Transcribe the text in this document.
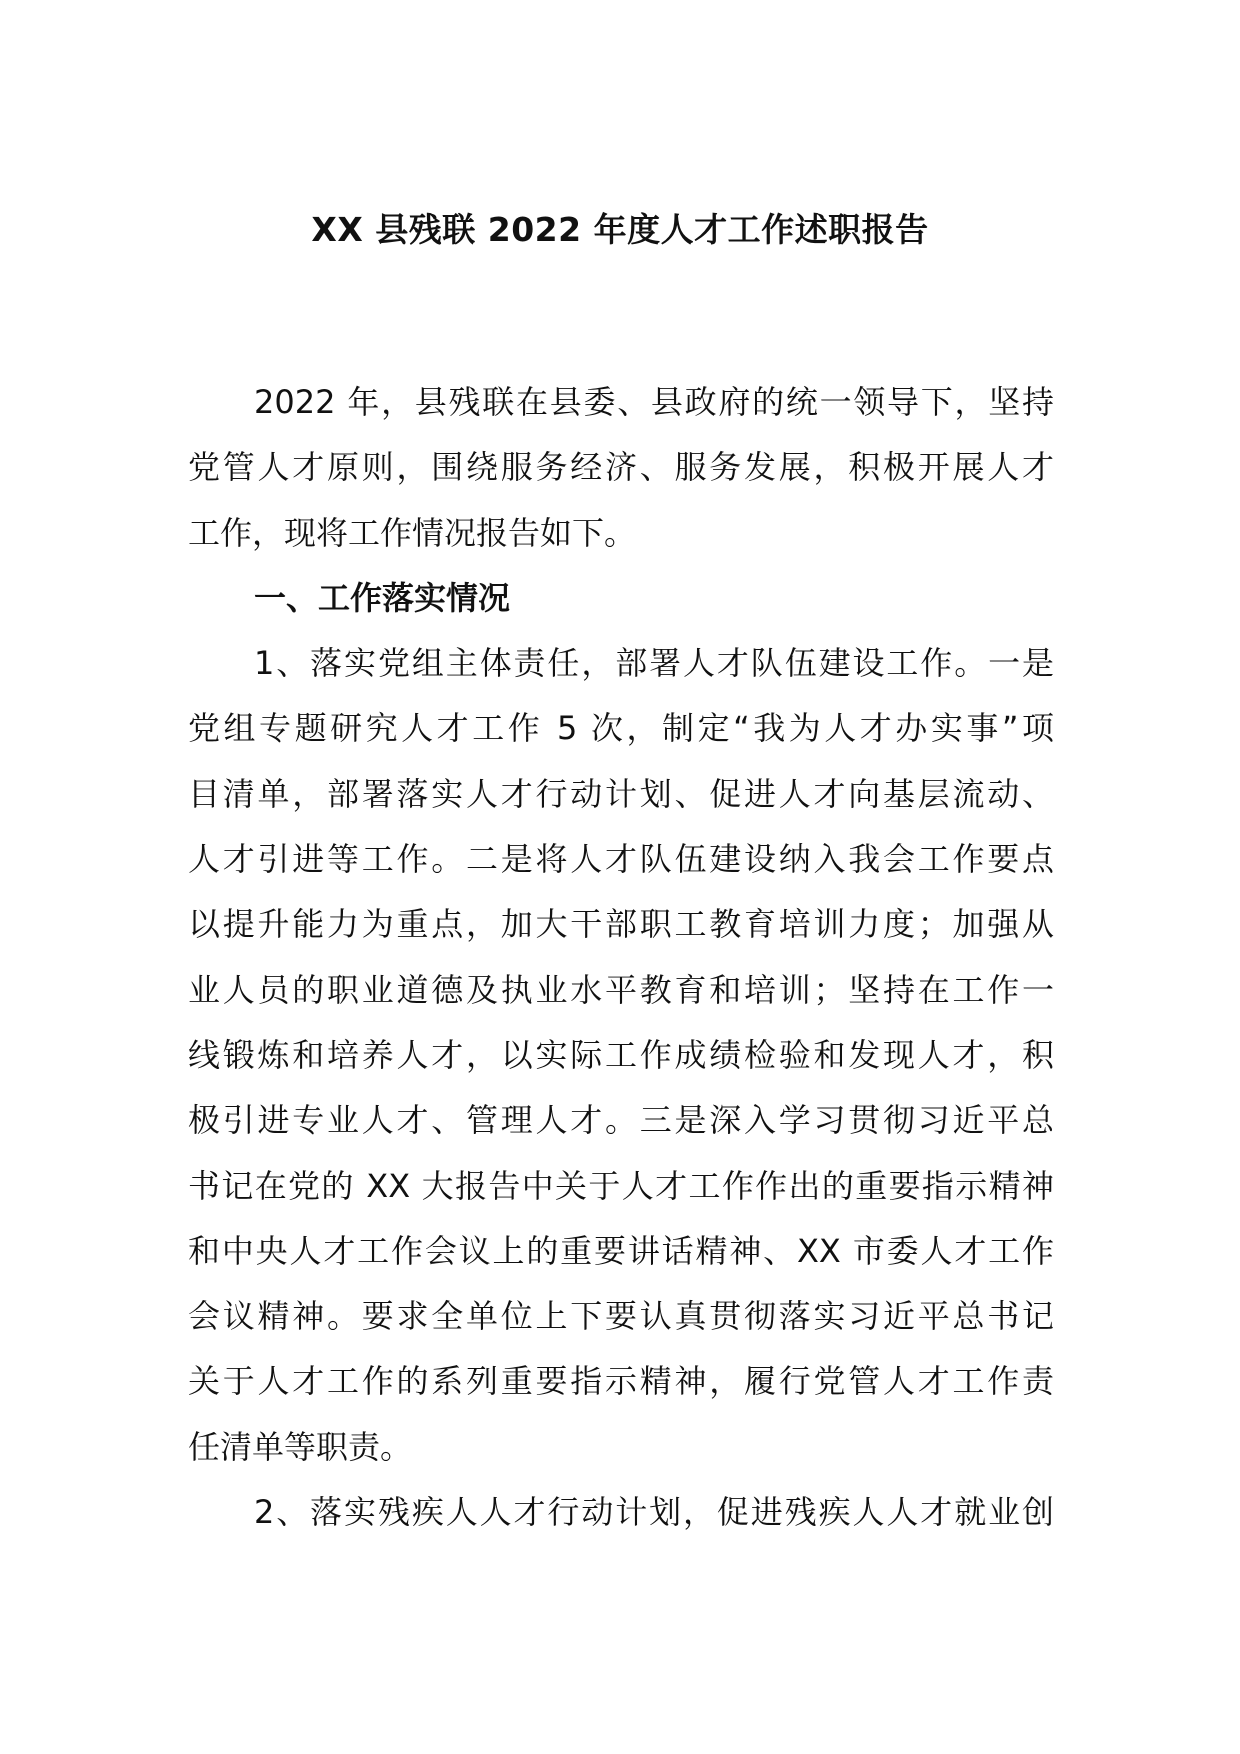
XX 县残联 2022 年度人才工作述职报告
2022 年，县残联在县委、县政府的统一领导下，坚持
党管人才原则，围绕服务经济、服务发展，积极开展人才
工作，现将工作情况报告如下。
一、工作落实情况
1、落实党组主体责任，部署人才队伍建设工作。一是
党组专题研究人才工作 5 次，制定“我为人才办实事”项
目清单，部署落实人才行动计划、促进人才向基层流动、
人才引进等工作。二是将人才队伍建设纳入我会工作要点
以提升能力为重点，加大干部职工教育培训力度；加强从
业人员的职业道德及执业水平教育和培训；坚持在工作一
线锻炼和培养人才，以实际工作成绩检验和发现人才，积
极引进专业人才、管理人才。三是深入学习贯彻习近平总
书记在党的 XX 大报告中关于人才工作作出的重要指示精神
和中央人才工作会议上的重要讲话精神、XX 市委人才工作
会议精神。要求全单位上下要认真贯彻落实习近平总书记
关于人才工作的系列重要指示精神，履行党管人才工作责
任清单等职责。
2、落实残疾人人才行动计划，促进残疾人人才就业创
